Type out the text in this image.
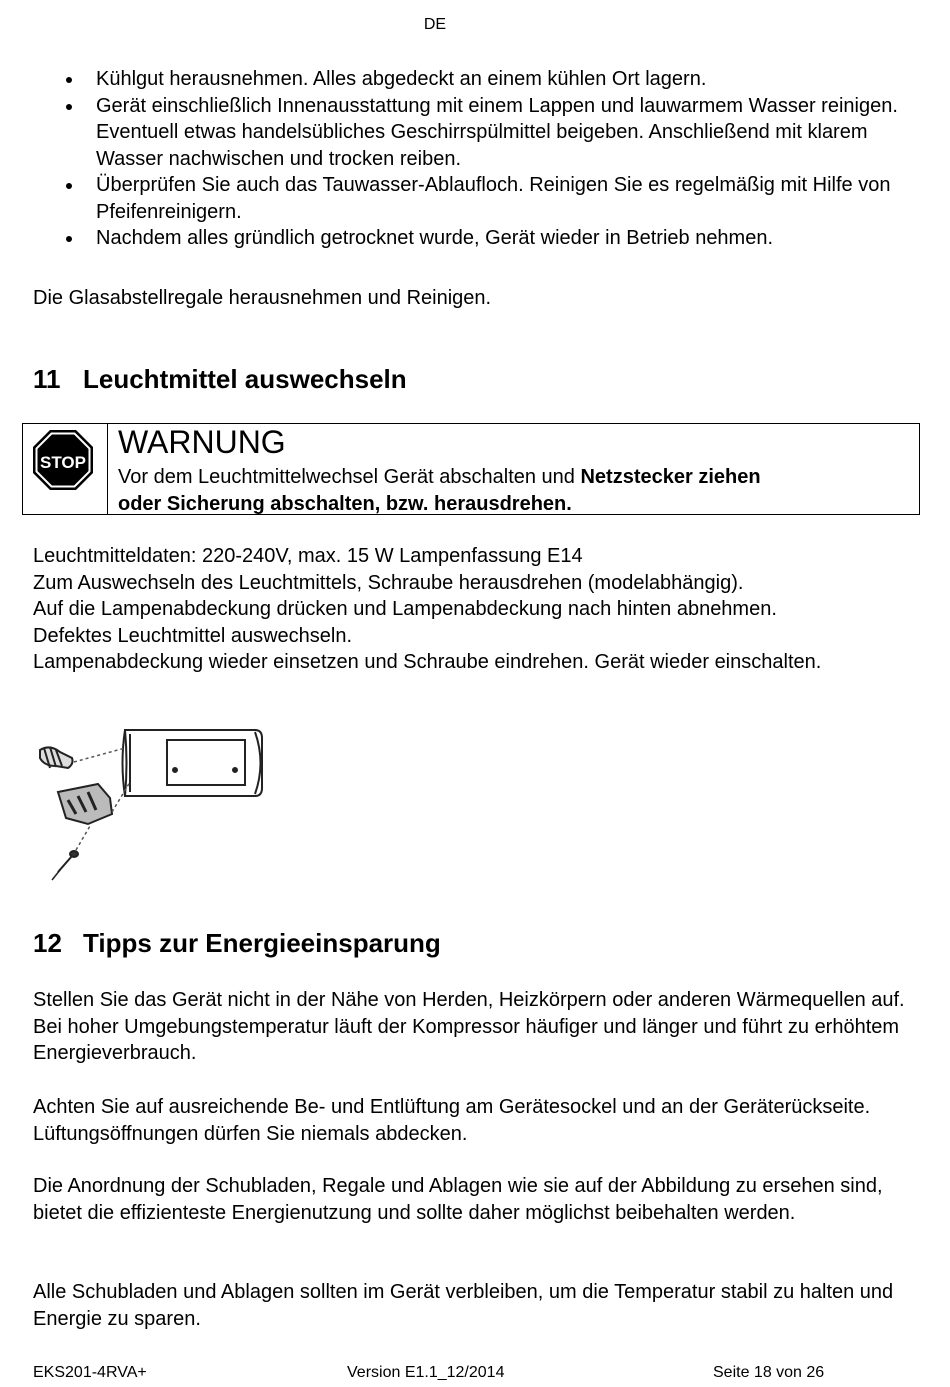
DE
Kühlgut herausnehmen. Alles abgedeckt an einem kühlen Ort lagern.
Gerät einschließlich Innenausstattung mit einem Lappen und lauwarmem Wasser reinigen. Eventuell etwas handelsübliches Geschirrspülmittel beigeben. Anschließend mit klarem Wasser nachwischen und trocken reiben.
Überprüfen Sie auch das Tauwasser-Ablaufloch. Reinigen Sie es regelmäßig mit Hilfe von Pfeifenreinigern.
Nachdem alles gründlich getrocknet wurde, Gerät wieder in Betrieb nehmen.
Die Glasabstellregale herausnehmen und Reinigen.
11 Leuchtmittel auswechseln
STOP
WARNUNG
Vor dem Leuchtmittelwechsel Gerät abschalten und Netzstecker ziehen
oder Sicherung abschalten, bzw. herausdrehen.
Leuchtmitteldaten: 220-240V, max. 15 W Lampenfassung E14
Zum Auswechseln des Leuchtmittels, Schraube herausdrehen (modelabhängig).
Auf die Lampenabdeckung drücken und Lampenabdeckung nach hinten abnehmen.
Defektes Leuchtmittel auswechseln.
Lampenabdeckung wieder einsetzen und Schraube eindrehen. Gerät wieder einschalten.
12 Tipps zur Energieeinsparung
Stellen Sie das Gerät nicht in der Nähe von Herden, Heizkörpern oder anderen Wärmequellen auf. Bei hoher Umgebungstemperatur läuft der Kompressor häufiger und länger und führt zu erhöhtem Energieverbrauch.
Achten Sie auf ausreichende Be- und Entlüftung am Gerätesockel und an der Geräterückseite. Lüftungsöffnungen dürfen Sie niemals abdecken.
Die Anordnung der Schubladen, Regale und Ablagen wie sie auf der Abbildung zu ersehen sind, bietet die effizienteste Energienutzung und sollte daher möglichst beibehalten werden.
Alle Schubladen und Ablagen sollten im Gerät verbleiben, um die Temperatur stabil zu halten und Energie zu sparen.
EKS201-4RVA+	Version E1.1_12/2014	Seite 18 von 26
